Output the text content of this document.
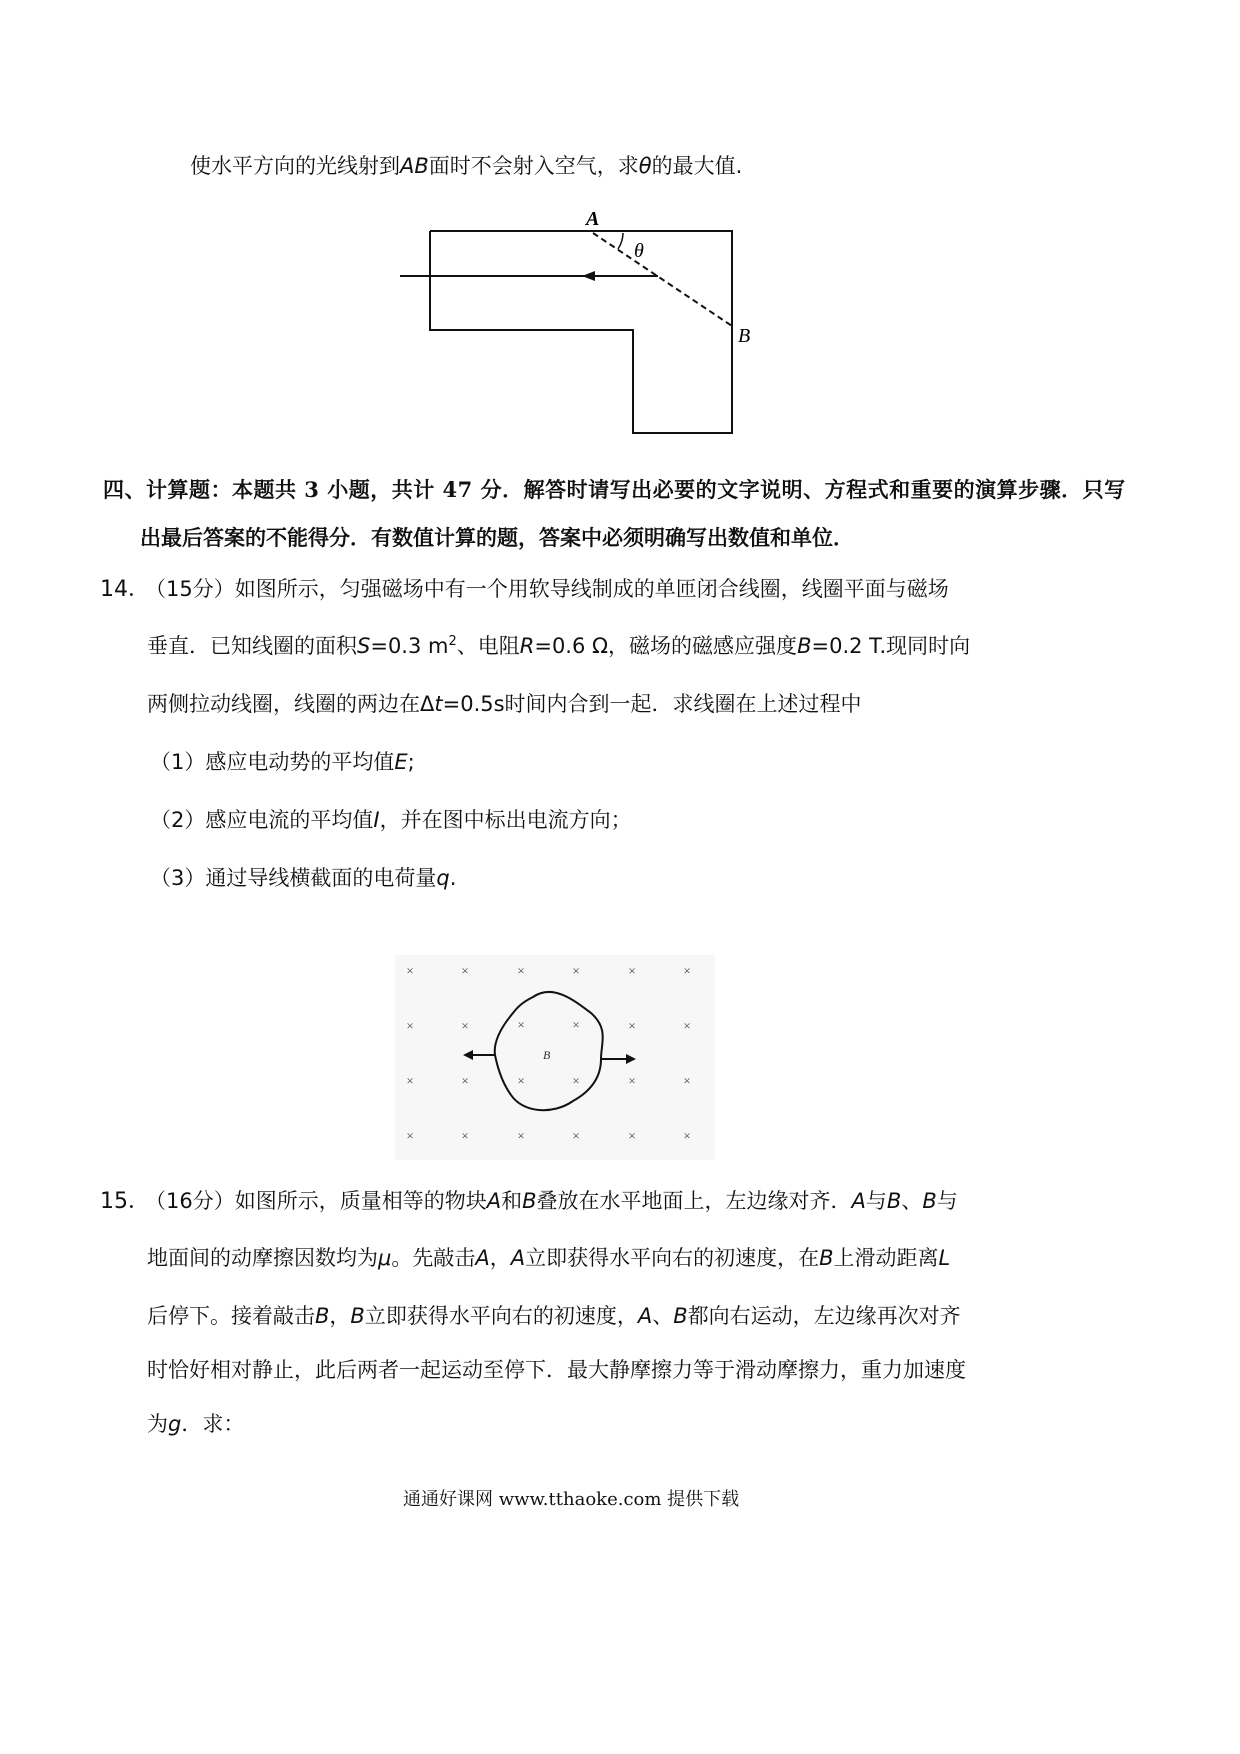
使水平方向的光线射到AB面时不会射入空气，求θ的最大值.
A
θ
B
四、计算题：本题共 3 小题，共计 47 分．解答时请写出必要的文字说明、方程式和重要的演算步骤．只写
出最后答案的不能得分．有数值计算的题，答案中必须明确写出数值和单位．
14．（15分）如图所示，匀强磁场中有一个用软导线制成的单匝闭合线圈，线圈平面与磁场
垂直．已知线圈的面积S=0.3 $m^2$、电阻R=0.6 Ω，磁场的磁感应强度B=0.2 T.现同时向
两侧拉动线圈，线圈的两边在Δt=0.5s时间内合到一起．求线圈在上述过程中
（1）感应电动势的平均值E;
（2）感应电流的平均值I，并在图中标出电流方向；
（3）通过导线横截面的电荷量q.
×	×	×	×	×	×
×	×	×	×
×	×	×	×
×	×	×	×	×	×
×	×
×	×
B
15．（16分）如图所示，质量相等的物块A和B叠放在水平地面上，左边缘对齐．A与B、B与
地面间的动摩擦因数均为μ。先敲击A，A立即获得水平向右的初速度，在B上滑动距离L
后停下。接着敲击B，B立即获得水平向右的初速度，A、B都向右运动，左边缘再次对齐
时恰好相对静止，此后两者一起运动至停下．最大静摩擦力等于滑动摩擦力，重力加速度
为g．求：
通通好课网 www.tthaoke.com 提供下载
